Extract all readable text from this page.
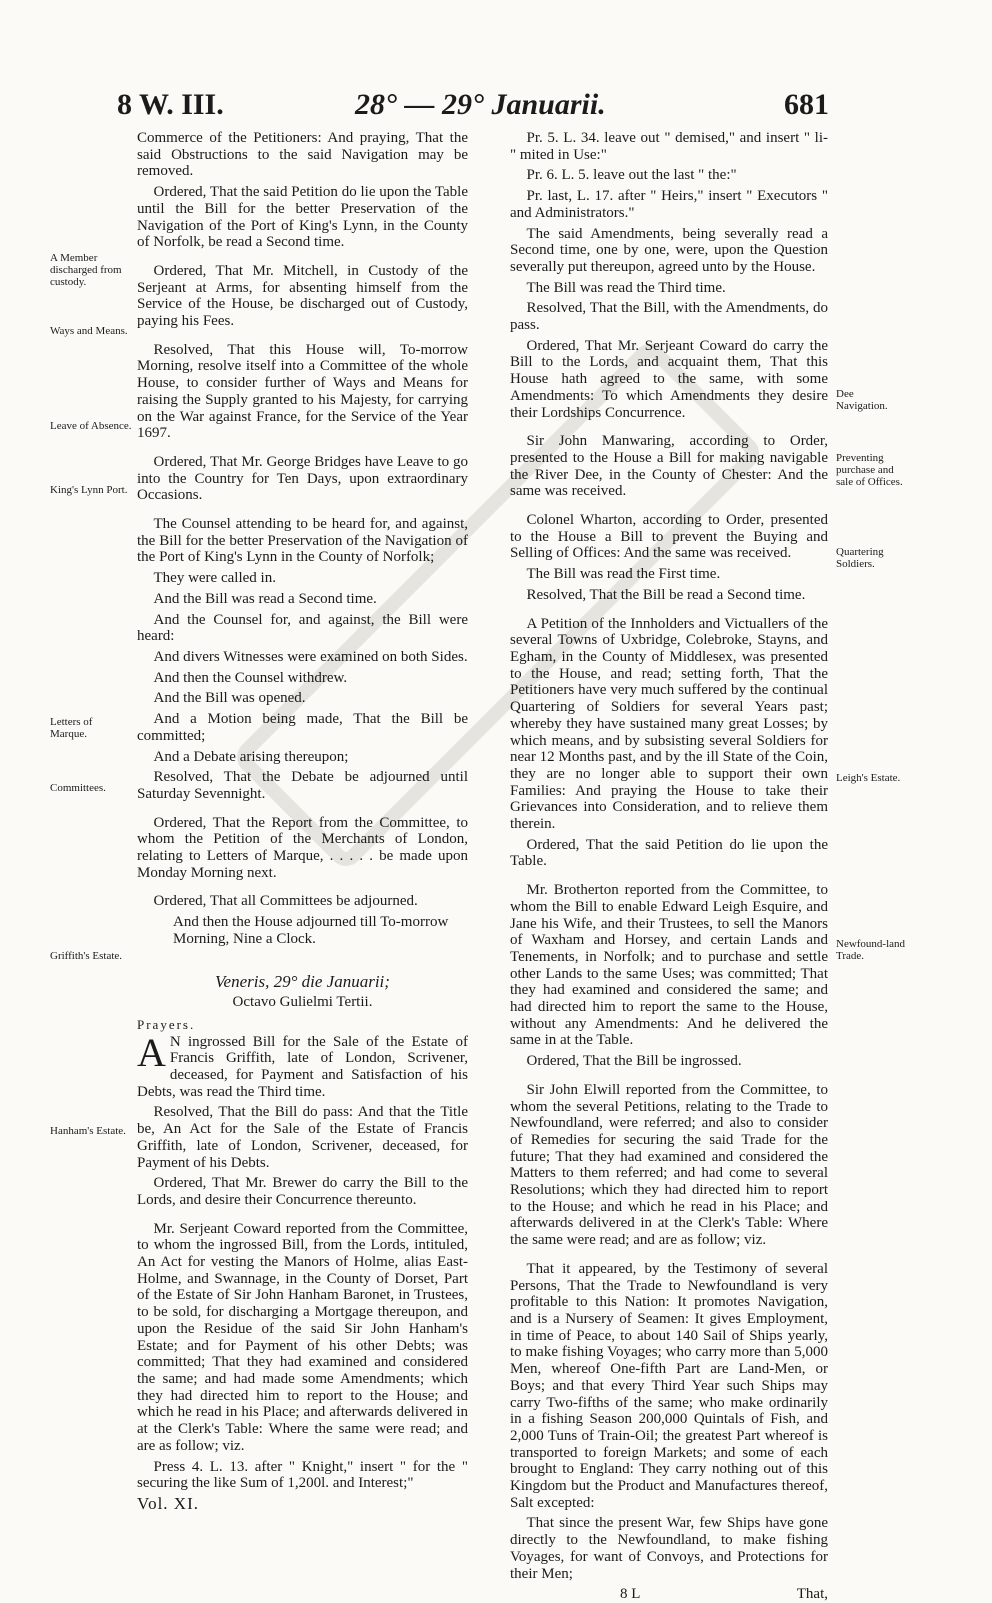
8 W. III.	28° — 29° Januarii.	681

Commerce of the Petitioners: And praying, That the said Obstructions to the said Navigation may be removed.

Ordered, That the said Petition do lie upon the Table until the Bill for the better Preservation of the Navigation of the Port of King's Lynn, in the County of Norfolk, be read a Second time.

Ordered, That Mr. Mitchell, in Custody of the Serjeant at Arms, for absenting himself from the Service of the House, be discharged out of Custody, paying his Fees.

Resolved, That this House will, To-morrow Morning, resolve itself into a Committee of the whole House, to consider further of Ways and Means for raising the Supply granted to his Majesty, for carrying on the War against France, for the Service of the Year 1697.

Ordered, That Mr. George Bridges have Leave to go into the Country for Ten Days, upon extraordinary Occasions.

The Counsel attending to be heard for, and against, the Bill for the better Preservation of the Navigation of the Port of King's Lynn in the County of Norfolk;

They were called in.

And the Bill was read a Second time.

And the Counsel for, and against, the Bill were heard:

And divers Witnesses were examined on both Sides.

And then the Counsel withdrew.

And the Bill was opened.

And a Motion being made, That the Bill be committed;

And a Debate arising thereupon;

Resolved, That the Debate be adjourned until Saturday Sevennight.

Ordered, That the Report from the Committee, to whom the Petition of the Merchants of London, relating to Letters of Marque, . . . . . be made upon Monday Morning next.

Ordered, That all Committees be adjourned.

And then the House adjourned till To-morrow Morning, Nine a Clock.

Veneris, 29° die Januarii;
Octavo Gulielmi Tertii.

Prayers.

A N ingrossed Bill for the Sale of the Estate of Francis Griffith, late of London, Scrivener, deceased, for Payment and Satisfaction of his Debts, was read the Third time.

Resolved, That the Bill do pass: And that the Title be, An Act for the Sale of the Estate of Francis Griffith, late of London, Scrivener, deceased, for Payment of his Debts.

Ordered, That Mr. Brewer do carry the Bill to the Lords, and desire their Concurrence thereunto.

Mr. Serjeant Coward reported from the Committee, to whom the ingrossed Bill, from the Lords, intituled, An Act for vesting the Manors of Holme, alias East-Holme, and Swannage, in the County of Dorset, Part of the Estate of Sir John Hanham Baronet, in Trustees, to be sold, for discharging a Mortgage thereupon, and upon the Residue of the said Sir John Hanham's Estate; and for Payment of his other Debts; was committed; That they had examined and considered the same; and had made some Amendments; which they had directed him to report to the House; and which he read in his Place; and afterwards delivered in at the Clerk's Table: Where the same were read; and are as follow; viz.

Press 4. L. 13. after " Knight," insert " for the " securing the like Sum of 1,200l. and Interest;"

Vol. XI.

Pr. 5. L. 34. leave out " demised," and insert " li- " mited in Use:"

Pr. 6. L. 5. leave out the last " the:"

Pr. last, L. 17. after " Heirs," insert " Executors " and Administrators."

The said Amendments, being severally read a Second time, one by one, were, upon the Question severally put thereupon, agreed unto by the House.

The Bill was read the Third time.

Resolved, That the Bill, with the Amendments, do pass.

Ordered, That Mr. Serjeant Coward do carry the Bill to the Lords, and acquaint them, That this House hath agreed to the same, with some Amendments: To which Amendments they desire their Lordships Concurrence.

Sir John Manwaring, according to Order, presented to the House a Bill for making navigable the River Dee, in the County of Chester: And the same was received.

Colonel Wharton, according to Order, presented to the House a Bill to prevent the Buying and Selling of Offices: And the same was received.

The Bill was read the First time.

Resolved, That the Bill be read a Second time.

A Petition of the Innholders and Victuallers of the several Towns of Uxbridge, Colebroke, Stayns, and Egham, in the County of Middlesex, was presented to the House, and read; setting forth, That the Petitioners have very much suffered by the continual Quartering of Soldiers for several Years past; whereby they have sustained many great Losses; by which means, and by subsisting several Soldiers for near 12 Months past, and by the ill State of the Coin, they are no longer able to support their own Families: And praying the House to take their Grievances into Consideration, and to relieve them therein.

Ordered, That the said Petition do lie upon the Table.

Mr. Brotherton reported from the Committee, to whom the Bill to enable Edward Leigh Esquire, and Jane his Wife, and their Trustees, to sell the Manors of Waxham and Horsey, and certain Lands and Tenements, in Norfolk; and to purchase and settle other Lands to the same Uses; was committed; That they had examined and considered the same; and had directed him to report the same to the House, without any Amendments: And he delivered the same in at the Table.

Ordered, That the Bill be ingrossed.

Sir John Elwill reported from the Committee, to whom the several Petitions, relating to the Trade to Newfoundland, were referred; and also to consider of Remedies for securing the said Trade for the future; That they had examined and considered the Matters to them referred; and had come to several Resolutions; which they had directed him to report to the House; and which he read in his Place; and afterwards delivered in at the Clerk's Table: Where the same were read; and are as follow; viz.

That it appeared, by the Testimony of several Persons, That the Trade to Newfoundland is very profitable to this Nation: It promotes Navigation, and is a Nursery of Seamen: It gives Employment, in time of Peace, to about 140 Sail of Ships yearly, to make fishing Voyages; who carry more than 5,000 Men, whereof One-fifth Part are Land-Men, or Boys; and that every Third Year such Ships may carry Two-fifths of the same; who make ordinarily in a fishing Season 200,000 Quintals of Fish, and 2,000 Tuns of Train-Oil; the greatest Part whereof is transported to foreign Markets; and some of each brought to England: They carry nothing out of this Kingdom but the Product and Manufactures thereof, Salt excepted:

That since the present War, few Ships have gone directly to the Newfoundland, to make fishing Voyages, for want of Convoys, and Protections for their Men;

8 L	That,
A Member discharged from custody.
Ways and Means.
Leave of Absence.
King's Lynn Port.
Letters of Marque.
Committees.
Griffith's Estate.
Hanham's Estate.
Dee Navigation.
Preventing purchase and sale of Offices.
Quartering Soldiers.
Leigh's Estate.
Newfound-land Trade.
